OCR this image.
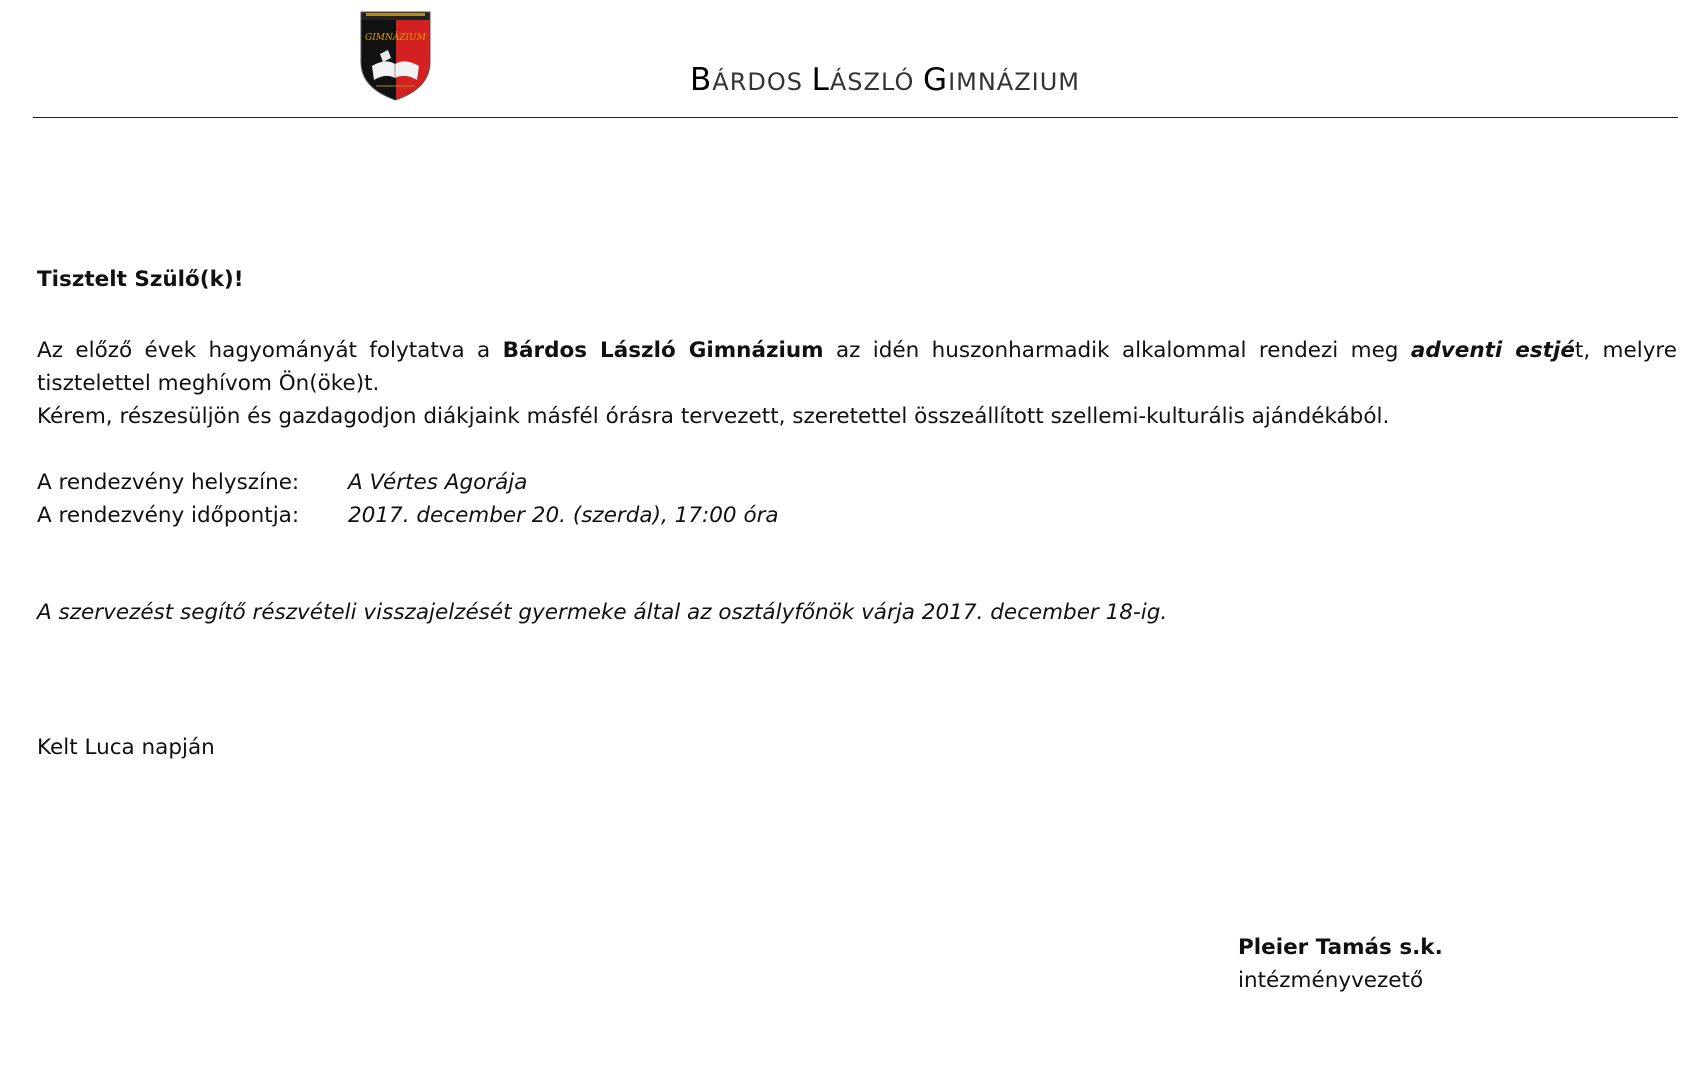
GIMNÁZIUM
BÁRDOS LÁSZLÓ GIMNÁZIUM

Tisztelt Szülő(k)!

Az előző évek hagyományát folytatva a Bárdos László Gimnázium az idén huszonharmadik alkalommal rendezi meg adventi estjét, melyre tisztelettel meghívom Ön(öke)t.

Kérem, részesüljön és gazdagodjon diákjaink másfél órásra tervezett, szeretettel összeállított szellemi-kulturális ajándékából.

A rendezvény helyszíne: A Vértes Agorája
A rendezvény időpontja: 2017. december 20. (szerda), 17:00 óra

A szervezést segítő részvételi visszajelzését gyermeke által az osztályfőnök várja 2017. december 18-ig.

Kelt Luca napján

Pleier Tamás s.k.

intézményvezető
